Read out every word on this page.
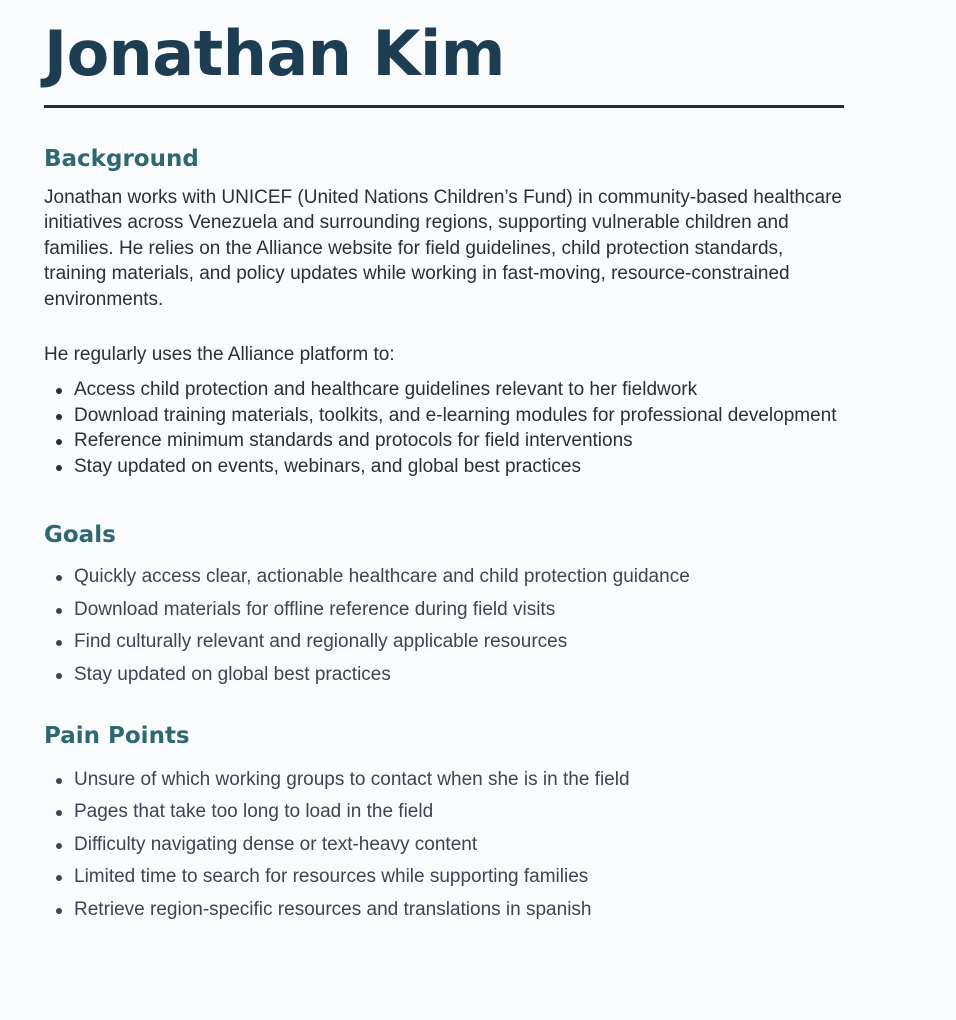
Jonathan Kim
Background

Jonathan works with UNICEF (United Nations Children’s Fund) in community-based healthcare initiatives across Venezuela and surrounding regions, supporting vulnerable children and families. He relies on the Alliance website for field guidelines, child protection standards, training materials, and policy updates while working in fast-moving, resource-constrained environments.

He regularly uses the Alliance platform to:

Access child protection and healthcare guidelines relevant to her fieldwork
Download training materials, toolkits, and e-learning modules for professional development
Reference minimum standards and protocols for field interventions
Stay updated on events, webinars, and global best practices
Goals
Quickly access clear, actionable healthcare and child protection guidance
Download materials for offline reference during field visits
Find culturally relevant and regionally applicable resources
Stay updated on global best practices
Pain Points
Unsure of which working groups to contact when she is in the field
Pages that take too long to load in the field
Difficulty navigating dense or text-heavy content
Limited time to search for resources while supporting families
Retrieve region-specific resources and translations in spanish
